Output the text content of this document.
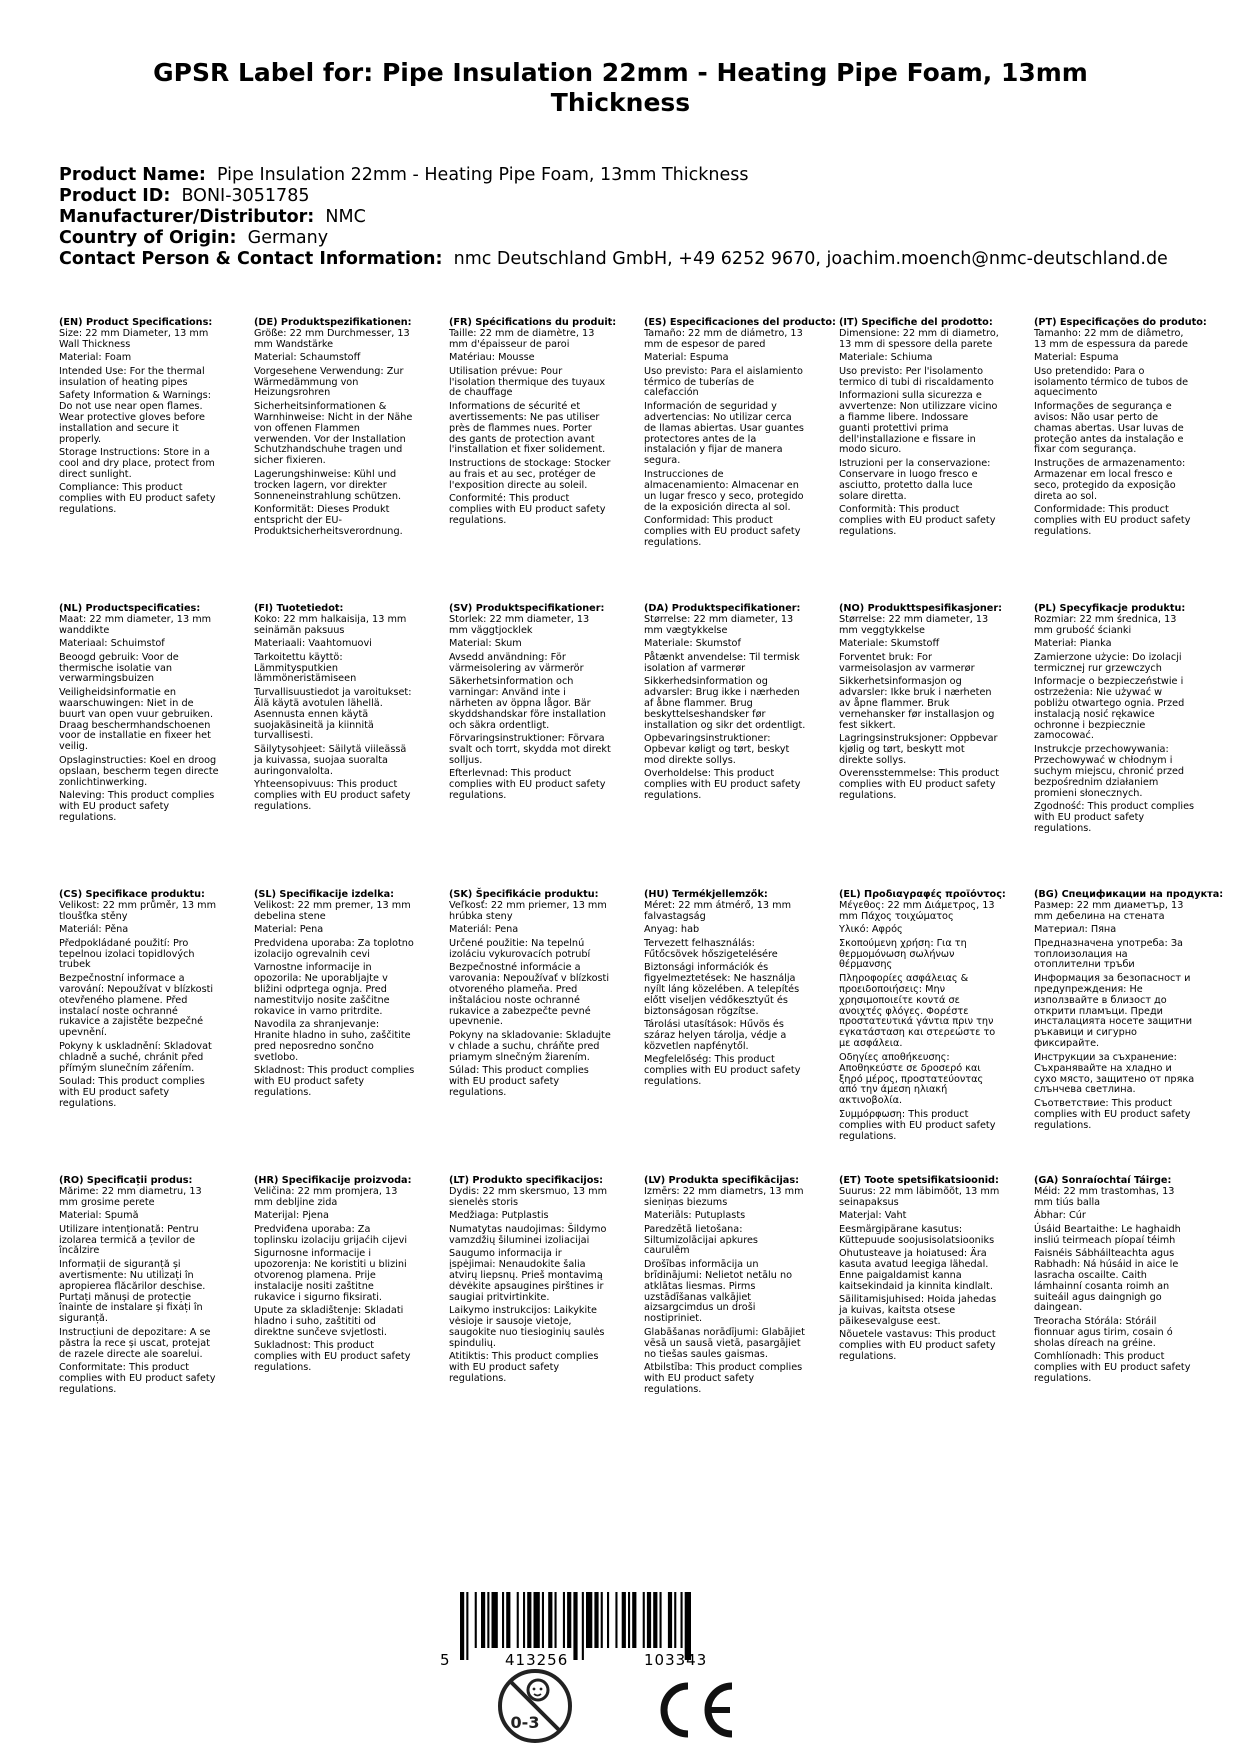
GPSR Label for: Pipe Insulation 22mm - Heating Pipe Foam, 13mm Thickness
Product Name: Pipe Insulation 22mm - Heating Pipe Foam, 13mm Thickness
Product ID: BONI-3051785
Manufacturer/Distributor: NMC
Country of Origin: Germany
Contact Person & Contact Information: nmc Deutschland GmbH, +49 6252 9670, joachim.moench@nmc-deutschland.de
(EN) Product Specifications:

Size: 22 mm Diameter, 13 mm Wall Thickness

Material: Foam

Intended Use: For the thermal insulation of heating pipes

Safety Information & Warnings: Do not use near open flames. Wear protective gloves before installation and secure it properly.

Storage Instructions: Store in a cool and dry place, protect from direct sunlight.

Compliance: This product complies with EU product safety regulations.

(DE) Produktspezifikationen:

Größe: 22 mm Durchmesser, 13 mm Wandstärke

Material: Schaumstoff

Vorgesehene Verwendung: Zur Wärmedämmung von Heizungsrohren

Sicherheitsinformationen & Warnhinweise: Nicht in der Nähe von offenen Flammen verwenden. Vor der Installation Schutzhandschuhe tragen und sicher fixieren.

Lagerungshinweise: Kühl und trocken lagern, vor direkter Sonneneinstrahlung schützen.

Konformität: Dieses Produkt entspricht der EU-Produktsicherheitsverordnung.

(FR) Spécifications du produit:

Taille: 22 mm de diamètre, 13 mm d'épaisseur de paroi

Matériau: Mousse

Utilisation prévue: Pour l'isolation thermique des tuyaux de chauffage

Informations de sécurité et avertissements: Ne pas utiliser près de flammes nues. Porter des gants de protection avant l'installation et fixer solidement.

Instructions de stockage: Stocker au frais et au sec, protéger de l'exposition directe au soleil.

Conformité: This product complies with EU product safety regulations.

(ES) Especificaciones del producto:

Tamaño: 22 mm de diámetro, 13 mm de espesor de pared

Material: Espuma

Uso previsto: Para el aislamiento térmico de tuberías de calefacción

Información de seguridad y advertencias: No utilizar cerca de llamas abiertas. Usar guantes protectores antes de la instalación y fijar de manera segura.

Instrucciones de almacenamiento: Almacenar en un lugar fresco y seco, protegido de la exposición directa al sol.

Conformidad: This product complies with EU product safety regulations.

(IT) Specifiche del prodotto:

Dimensione: 22 mm di diametro, 13 mm di spessore della parete

Materiale: Schiuma

Uso previsto: Per l'isolamento termico di tubi di riscaldamento

Informazioni sulla sicurezza e avvertenze: Non utilizzare vicino a fiamme libere. Indossare guanti protettivi prima dell'installazione e fissare in modo sicuro.

Istruzioni per la conservazione: Conservare in luogo fresco e asciutto, protetto dalla luce solare diretta.

Conformità: This product complies with EU product safety regulations.

(PT) Especificações do produto:

Tamanho: 22 mm de diâmetro, 13 mm de espessura da parede

Material: Espuma

Uso pretendido: Para o isolamento térmico de tubos de aquecimento

Informações de segurança e avisos: Não usar perto de chamas abertas. Usar luvas de proteção antes da instalação e fixar com segurança.

Instruções de armazenamento: Armazenar em local fresco e seco, protegido da exposição direta ao sol.

Conformidade: This product complies with EU product safety regulations.

(NL) Productspecificaties:

Maat: 22 mm diameter, 13 mm wanddikte

Materiaal: Schuimstof

Beoogd gebruik: Voor de thermische isolatie van verwarmingsbuizen

Veiligheidsinformatie en waarschuwingen: Niet in de buurt van open vuur gebruiken. Draag beschermhandschoenen voor de installatie en fixeer het veilig.

Opslaginstructies: Koel en droog opslaan, bescherm tegen directe zonlichtinwerking.

Naleving: This product complies with EU product safety regulations.

(FI) Tuotetiedot:

Koko: 22 mm halkaisija, 13 mm seinämän paksuus

Materiaali: Vaahtomuovi

Tarkoitettu käyttö: Lämmitysputkien lämmöneristämiseen

Turvallisuustiedot ja varoitukset: Älä käytä avotulen lähellä. Asennusta ennen käytä suojakäsineitä ja kiinnitä turvallisesti.

Säilytysohjeet: Säilytä viileässä ja kuivassa, suojaa suoralta auringonvalolta.

Yhteensopivuus: This product complies with EU product safety regulations.

(SV) Produktspecifikationer:

Storlek: 22 mm diameter, 13 mm väggtjocklek

Material: Skum

Avsedd användning: För värmeisolering av värmerör

Säkerhetsinformation och varningar: Använd inte i närheten av öppna lågor. Bär skyddshandskar före installation och säkra ordentligt.

Förvaringsinstruktioner: Förvara svalt och torrt, skydda mot direkt solljus.

Efterlevnad: This product complies with EU product safety regulations.

(DA) Produktspecifikationer:

Størrelse: 22 mm diameter, 13 mm vægtykkelse

Materiale: Skumstof

Påtænkt anvendelse: Til termisk isolation af varmerør

Sikkerhedsinformation og advarsler: Brug ikke i nærheden af åbne flammer. Brug beskyttelseshandsker før installation og sikr det ordentligt.

Opbevaringsinstruktioner: Opbevar køligt og tørt, beskyt mod direkte sollys.

Overholdelse: This product complies with EU product safety regulations.

(NO) Produkttspesifikasjoner:

Størrelse: 22 mm diameter, 13 mm veggtykkelse

Materiale: Skumstoff

Forventet bruk: For varmeisolasjon av varmerør

Sikkerhetsinformasjon og advarsler: Ikke bruk i nærheten av åpne flammer. Bruk vernehansker før installasjon og fest sikkert.

Lagringsinstruksjoner: Oppbevar kjølig og tørt, beskytt mot direkte sollys.

Overensstemmelse: This product complies with EU product safety regulations.

(PL) Specyfikacje produktu:

Rozmiar: 22 mm średnica, 13 mm grubość ścianki

Materiał: Pianka

Zamierzone użycie: Do izolacji termicznej rur grzewczych

Informacje o bezpieczeństwie i ostrzeżenia: Nie używać w pobliżu otwartego ognia. Przed instalacją nosić rękawice ochronne i bezpiecznie zamocować.

Instrukcje przechowywania: Przechowywać w chłodnym i suchym miejscu, chronić przed bezpośrednim działaniem promieni słonecznych.

Zgodność: This product complies with EU product safety regulations.

(CS) Specifikace produktu:

Velikost: 22 mm průměr, 13 mm tloušťka stěny

Materiál: Pěna

Předpokládané použití: Pro tepelnou izolaci topidlových trubek

Bezpečnostní informace a varování: Nepoužívat v blízkosti otevřeného plamene. Před instalací noste ochranné rukavice a zajistěte bezpečné upevnění.

Pokyny k uskladnění: Skladovat chladně a suché, chránit před přímým slunečním zářením.

Soulad: This product complies with EU product safety regulations.

(SL) Specifikacije izdelka:

Velikost: 22 mm premer, 13 mm debelina stene

Material: Pena

Predvidena uporaba: Za toplotno izolacijo ogrevalnih cevi

Varnostne informacije in opozorila: Ne uporabljajte v bližini odprtega ognja. Pred namestitvijo nosite zaščitne rokavice in varno pritrdite.

Navodila za shranjevanje: Hranite hladno in suho, zaščitite pred neposredno sončno svetlobo.

Skladnost: This product complies with EU product safety regulations.

(SK) Špecifikácie produktu:

Veľkosť: 22 mm priemer, 13 mm hrúbka steny

Materiál: Pena

Určené použitie: Na tepelnú izoláciu vykurovacích potrubí

Bezpečnostné informácie a varovania: Nepoužívať v blízkosti otvoreného plameňa. Pred inštaláciou noste ochranné rukavice a zabezpečte pevné upevnenie.

Pokyny na skladovanie: Skladujte v chlade a suchu, chráňte pred priamym slnečným žiarením.

Súlad: This product complies with EU product safety regulations.

(HU) Termékjellemzők:

Méret: 22 mm átmérő, 13 mm falvastagság

Anyag: hab

Tervezett felhasználás: Fűtőcsövek hőszigetelésére

Biztonsági információk és figyelmeztetések: Ne használja nyílt láng közelében. A telepítés előtt viseljen védőkesztyűt és biztonságosan rögzítse.

Tárolási utasítások: Hűvös és száraz helyen tárolja, védje a közvetlen napfénytől.

Megfelelőség: This product complies with EU product safety regulations.

(EL) Προδιαγραφές προϊόντος:

Μέγεθος: 22 mm Διάμετρος, 13 mm Πάχος τοιχώματος

Υλικό: Αφρός

Σκοπούμενη χρήση: Για τη θερμομόνωση σωλήνων θέρμανσης

Πληροφορίες ασφάλειας & προειδοποιήσεις: Μην χρησιμοποιείτε κοντά σε ανοιχτές φλόγες. Φορέστε προστατευτικά γάντια πριν την εγκατάσταση και στερεώστε το με ασφάλεια.

Οδηγίες αποθήκευσης: Αποθηκεύστε σε δροσερό και ξηρό μέρος, προστατεύοντας από την άμεση ηλιακή ακτινοβολία.

Συμμόρφωση: This product complies with EU product safety regulations.

(BG) Спецификации на продукта:

Размер: 22 mm диаметър, 13 mm дебелина на стената

Материал: Пяна

Предназначена употреба: За топлоизолация на отоплителни тръби

Информация за безопасност и предупреждения: Не използвайте в близост до открити пламъци. Преди инсталацията носете защитни ръкавици и сигурно фиксирайте.

Инструкции за съхранение: Съхранявайте на хладно и сухо място, защитено от пряка слънчева светлина.

Съответствие: This product complies with EU product safety regulations.

(RO) Specificații produs:

Mărime: 22 mm diametru, 13 mm grosime perete

Material: Spumă

Utilizare intenționată: Pentru izolarea termică a țevilor de încălzire

Informații de siguranță și avertismente: Nu utilizați în apropierea flăcărilor deschise. Purtați mănuși de protecție înainte de instalare și fixați în siguranță.

Instrucțiuni de depozitare: A se păstra la rece și uscat, protejat de razele directe ale soarelui.

Conformitate: This product complies with EU product safety regulations.

(HR) Specifikacije proizvoda:

Veličina: 22 mm promjera, 13 mm debljine zida

Materijal: Pjena

Predviđena uporaba: Za toplinsku izolaciju grijaćih cijevi

Sigurnosne informacije i upozorenja: Ne koristiti u blizini otvorenog plamena. Prije instalacije nositi zaštitne rukavice i sigurno fiksirati.

Upute za skladištenje: Skladati hladno i suho, zaštititi od direktne sunčeve svjetlosti.

Sukladnost: This product complies with EU product safety regulations.

(LT) Produkto specifikacijos:

Dydis: 22 mm skersmuo, 13 mm sienelės storis

Medžiaga: Putplastis

Numatytas naudojimas: Šildymo vamzdžių šiluminei izoliacijai

Saugumo informacija ir įspėjimai: Nenaudokite šalia atvirų liepsnų. Prieš montavimą dėvėkite apsaugines pirštines ir saugiai pritvirtinkite.

Laikymo instrukcijos: Laikykite vėsioje ir sausoje vietoje, saugokite nuo tiesioginių saulės spindulių.

Atitiktis: This product complies with EU product safety regulations.

(LV) Produkta specifikācijas:

Izmērs: 22 mm diametrs, 13 mm sieniņas biezums

Materiāls: Putuplasts

Paredzētā lietošana: Siltumizolācijai apkures caurulēm

Drošības informācija un brīdinājumi: Nelietot netālu no atklātas liesmas. Pirms uzstādīšanas valkājiet aizsargcimdus un droši nostipriniet.

Glabāšanas norādījumi: Glabājiet vēsā un sausā vietā, pasargājiet no tiešas saules gaismas.

Atbilstība: This product complies with EU product safety regulations.

(ET) Toote spetsifikatsioonid:

Suurus: 22 mm läbimõõt, 13 mm seinapaksus

Materjal: Vaht

Eesmärgipärane kasutus: Küttepuude soojusisolatsiooniks

Ohutusteave ja hoiatused: Ära kasuta avatud leegiga lähedal. Enne paigaldamist kanna kaitsekindaid ja kinnita kindlalt.

Säilitamisjuhised: Hoida jahedas ja kuivas, kaitsta otsese päikesevalguse eest.

Nõuetele vastavus: This product complies with EU product safety regulations.

(GA) Sonraíochtaí Táirge:

Méid: 22 mm trastomhas, 13 mm tiús balla

Ábhar: Cúr

Úsáid Beartaithe: Le haghaidh insliú teirmeach píopaí téimh

Faisnéis Sábháilteachta agus Rabhadh: Ná húsáid in aice le lasracha oscailte. Caith lámhainní cosanta roimh an suiteáil agus daingnigh go daingean.

Treoracha Stórála: Stóráil fionnuar agus tirim, cosain ó sholas díreach na gréine.

Comhlíonadh: This product complies with EU product safety regulations.

5	413256	103343
0-3
